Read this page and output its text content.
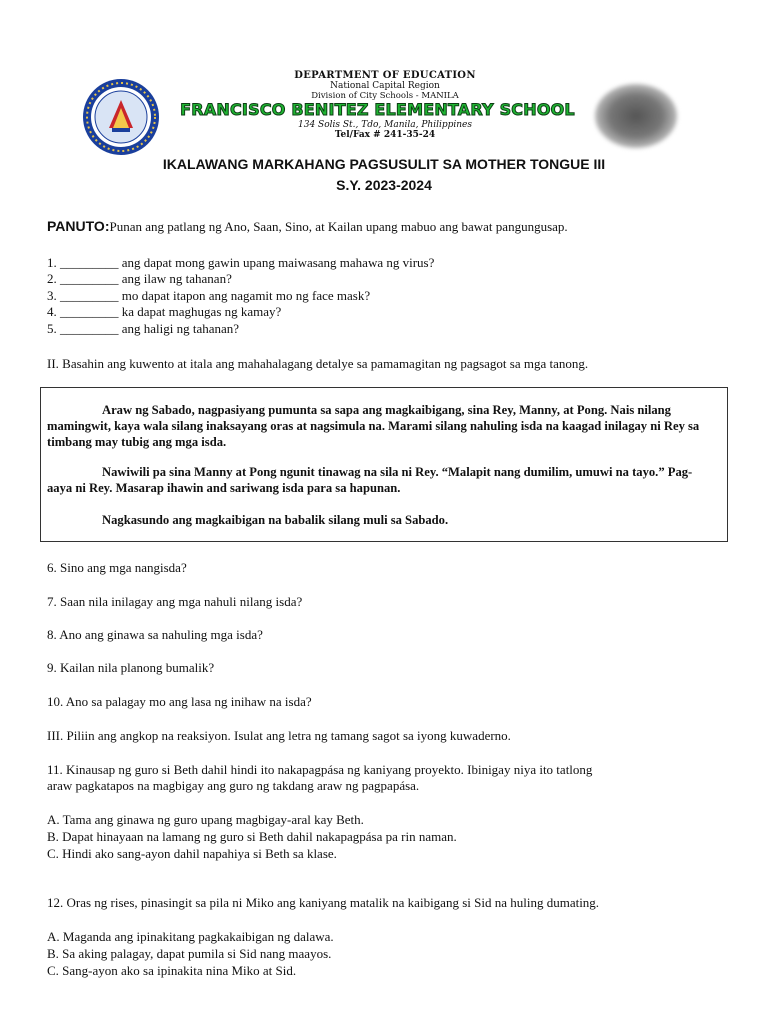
DEPARTMENT OF EDUCATION
National Capital Region
Division of City Schools - MANILA
FRANCISCO BENITEZ ELEMENTARY SCHOOL
134 Solis St., Tdo, Manila, Philippines
Tel/Fax # 241-35-24
IKALAWANG MARKAHANG PAGSUSULIT SA MOTHER TONGUE III
S.Y. 2023-2024
PANUTO:Punan ang patlang ng Ano, Saan, Sino, at Kailan upang mabuo ang bawat pangungusap.
1. _________ ang dapat mong gawin upang maiwasang mahawa ng virus?
2. _________ ang ilaw ng tahanan?
3. _________ mo dapat itapon ang nagamit mo ng face mask?
4. _________ ka dapat maghugas ng kamay?
5. _________ ang haligi ng tahanan?
II. Basahin ang kuwento at itala ang mahahalagang detalye sa pamamagitan ng pagsagot sa mga tanong.
Araw ng Sabado, nagpasiyang pumunta sa sapa ang magkaibigang, sina Rey, Manny, at Pong. Nais nilang mamingwit, kaya wala silang inaksayang oras at nagsimula na. Marami silang nahuling isda na kaagad inilagay ni Rey sa timbang may tubig ang mga isda.
Nawiwili pa sina Manny at Pong ngunit tinawag na sila ni Rey. “Malapit nang dumilim, umuwi na tayo.” Pag-aaya ni Rey. Masarap ihawin and sariwang isda para sa hapunan.
Nagkasundo ang magkaibigan na babalik silang muli sa Sabado.
6. Sino ang mga nangisda?
7. Saan nila inilagay ang mga nahuli nilang isda?
8. Ano ang ginawa sa nahuling mga isda?
9. Kailan nila planong bumalik?
10. Ano sa palagay mo ang lasa ng inihaw na isda?
III. Piliin ang angkop na reaksiyon. Isulat ang letra ng tamang sagot sa iyong kuwaderno.
11. Kinausap ng guro si Beth dahil hindi ito nakapagpása ng kaniyang proyekto. Ibinigay niya ito tatlong
araw pagkatapos na magbigay ang guro ng takdang araw ng pagpapása.
A. Tama ang ginawa ng guro upang magbigay-aral kay Beth.
B. Dapat hinayaan na lamang ng guro si Beth dahil nakapagpása pa rin naman.
C. Hindi ako sang-ayon dahil napahiya si Beth sa klase.
12. Oras ng rises, pinasingit sa pila ni Miko ang kaniyang matalik na kaibigang si Sid na huling dumating.
A. Maganda ang ipinakitang pagkakaibigan ng dalawa.
B. Sa aking palagay, dapat pumila si Sid nang maayos.
C. Sang-ayon ako sa ipinakita nina Miko at Sid.
